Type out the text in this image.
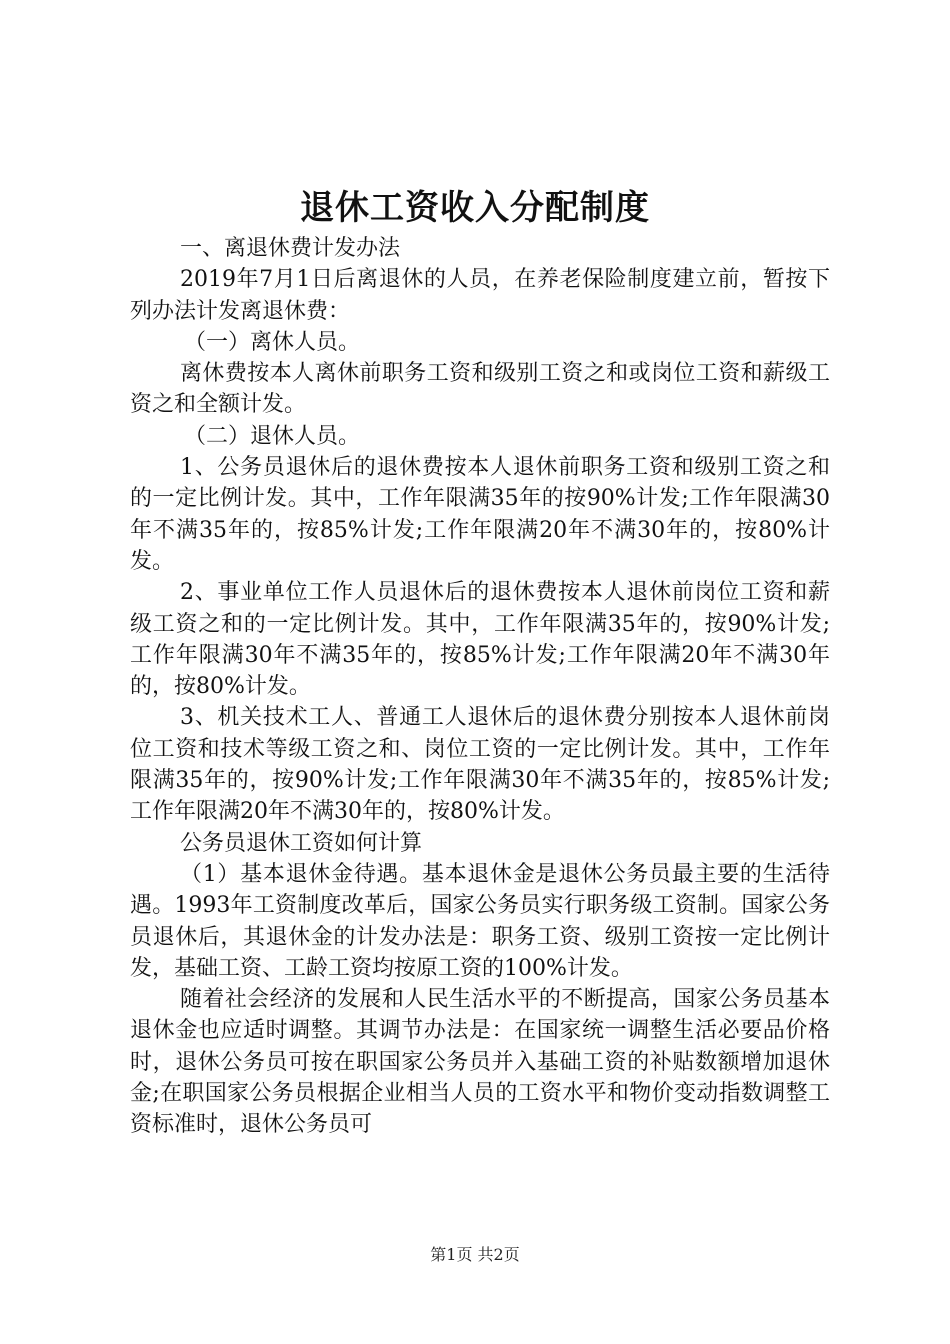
退休工资收入分配制度

一、离退休费计发办法

2019年7月1日后离退休的人员，在养老保险制度建立前，暂按下列办法计发离退休费：

（一）离休人员。

离休费按本人离休前职务工资和级别工资之和或岗位工资和薪级工资之和全额计发。

（二）退休人员。

1、公务员退休后的退休费按本人退休前职务工资和级别工资之和的一定比例计发。其中，工作年限满35年的按90%计发;工作年限满30年不满35年的，按85%计发;工作年限满20年不满30年的，按80%计发。

2、事业单位工作人员退休后的退休费按本人退休前岗位工资和薪级工资之和的一定比例计发。其中，工作年限满35年的，按90%计发;工作年限满30年不满35年的，按85%计发;工作年限满20年不满30年的，按80%计发。

3、机关技术工人、普通工人退休后的退休费分别按本人退休前岗位工资和技术等级工资之和、岗位工资的一定比例计发。其中，工作年限满35年的，按90%计发;工作年限满30年不满35年的，按85%计发;工作年限满20年不满30年的，按80%计发。

公务员退休工资如何计算

（1）基本退休金待遇。基本退休金是退休公务员最主要的生活待遇。1993年工资制度改革后，国家公务员实行职务级工资制。国家公务员退休后，其退休金的计发办法是：职务工资、级别工资按一定比例计发，基础工资、工龄工资均按原工资的100%计发。

随着社会经济的发展和人民生活水平的不断提高，国家公务员基本退休金也应适时调整。其调节办法是：在国家统一调整生活必要品价格时，退休公务员可按在职国家公务员并入基础工资的补贴数额增加退休金;在职国家公务员根据企业相当人员的工资水平和物价变动指数调整工资标准时，退休公务员可

第1页 共2页
